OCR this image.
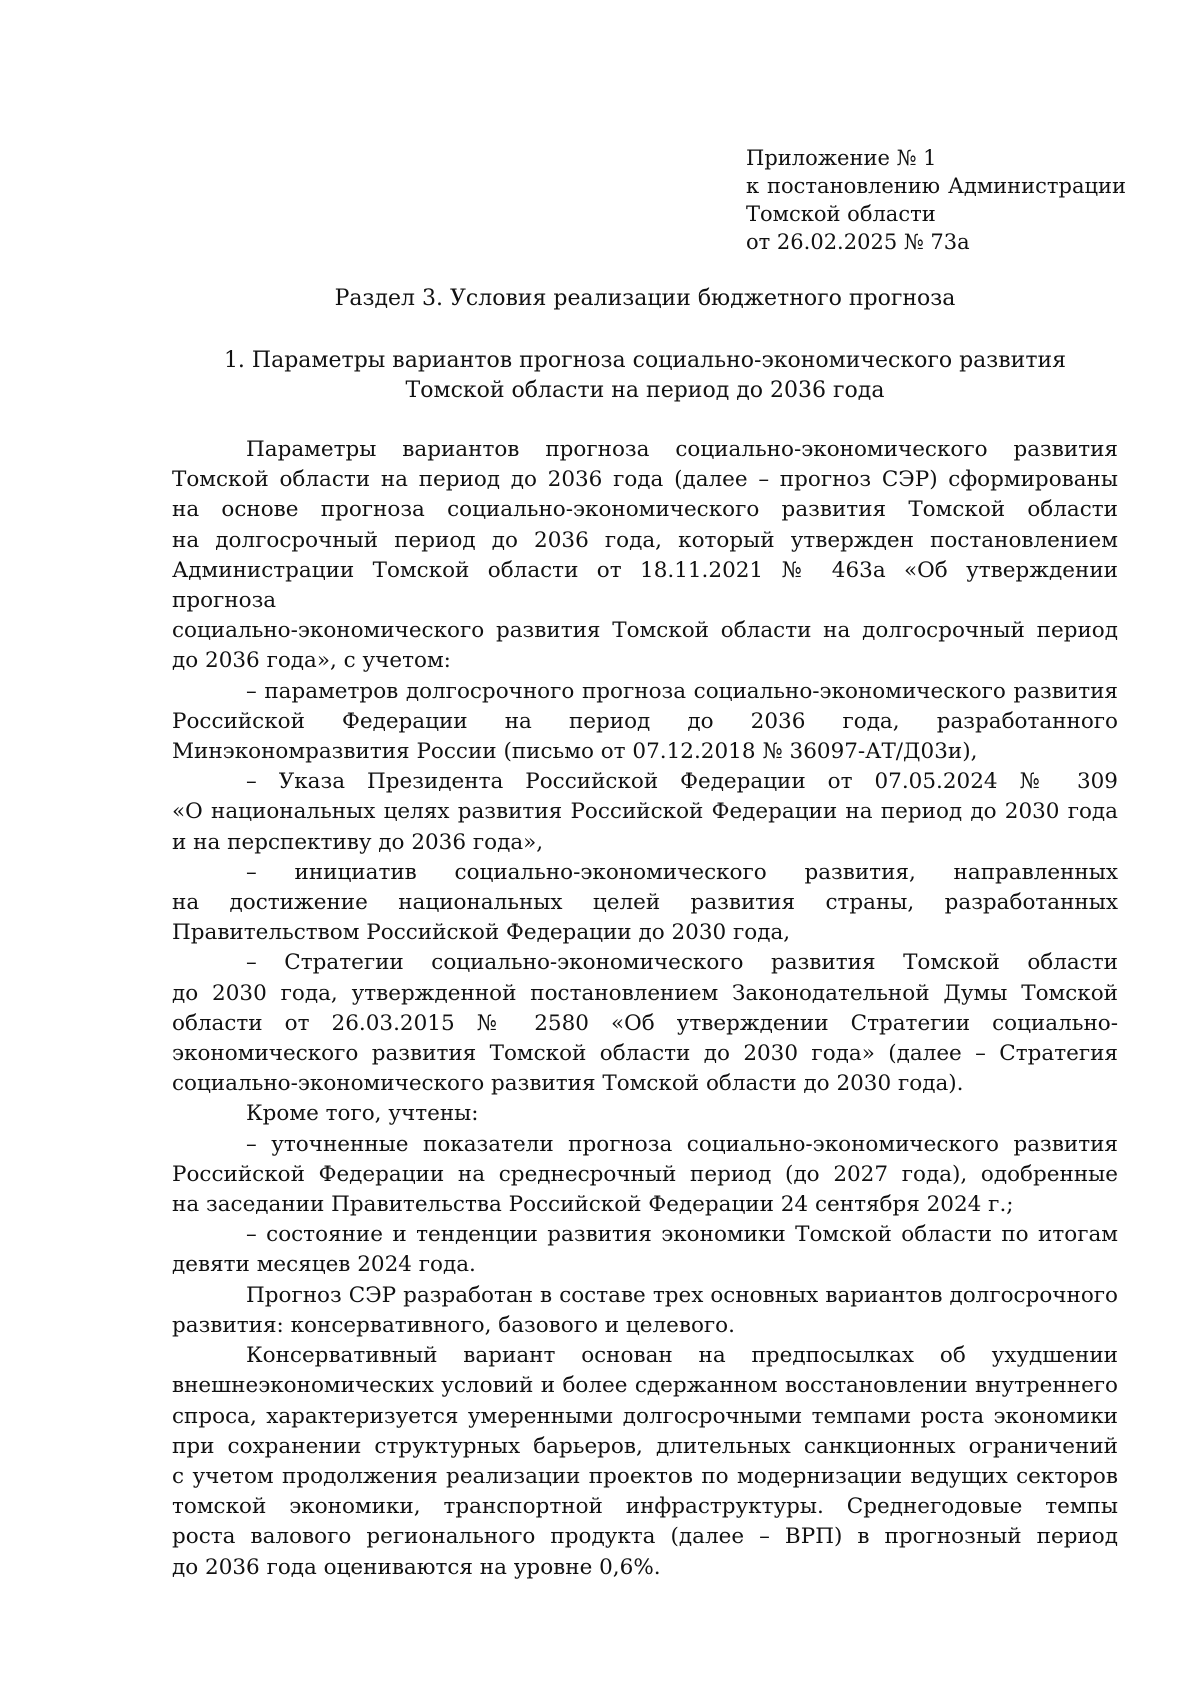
Приложение № 1
к постановлению Администрации
Томской области
от 26.02.2025 № 73а
Раздел 3. Условия реализации бюджетного прогноза
1. Параметры вариантов прогноза социально-экономического развития
Томской области на период до 2036 года
Параметры вариантов прогноза социально-экономического развития
Томской области на период до 2036 года (далее – прогноз СЭР) сформированы
на основе прогноза социально-экономического развития Томской области
на долгосрочный период до 2036 года, который утвержден постановлением
Администрации Томской области от 18.11.2021 № 463а «Об утверждении прогноза
социально-экономического развития Томской области на долгосрочный период
до 2036 года», с учетом:
– параметров долгосрочного прогноза социально-экономического развития
Российской Федерации на период до 2036 года, разработанного
Минэкономразвития России (письмо от 07.12.2018 № 36097-АТ/Д03и),
– Указа Президента Российской Федерации от 07.05.2024 № 309
«О национальных целях развития Российской Федерации на период до 2030 года
и на перспективу до 2036 года»,
– инициатив социально-экономического развития, направленных
на достижение национальных целей развития страны, разработанных
Правительством Российской Федерации до 2030 года,
– Стратегии социально-экономического развития Томской области
до 2030 года, утвержденной постановлением Законодательной Думы Томской
области от 26.03.2015 № 2580 «Об утверждении Стратегии социально-
экономического развития Томской области до 2030 года» (далее – Стратегия
социально-экономического развития Томской области до 2030 года).
Кроме того, учтены:
– уточненные показатели прогноза социально-экономического развития
Российской Федерации на среднесрочный период (до 2027 года), одобренные
на заседании Правительства Российской Федерации 24 сентября 2024 г.;
– состояние и тенденции развития экономики Томской области по итогам
девяти месяцев 2024 года.
Прогноз СЭР разработан в составе трех основных вариантов долгосрочного
развития: консервативного, базового и целевого.
Консервативный вариант основан на предпосылках об ухудшении
внешнеэкономических условий и более сдержанном восстановлении внутреннего
спроса, характеризуется умеренными долгосрочными темпами роста экономики
при сохранении структурных барьеров, длительных санкционных ограничений
с учетом продолжения реализации проектов по модернизации ведущих секторов
томской экономики, транспортной инфраструктуры. Среднегодовые темпы
роста валового регионального продукта (далее – ВРП) в прогнозный период
до 2036 года оцениваются на уровне 0,6%.
